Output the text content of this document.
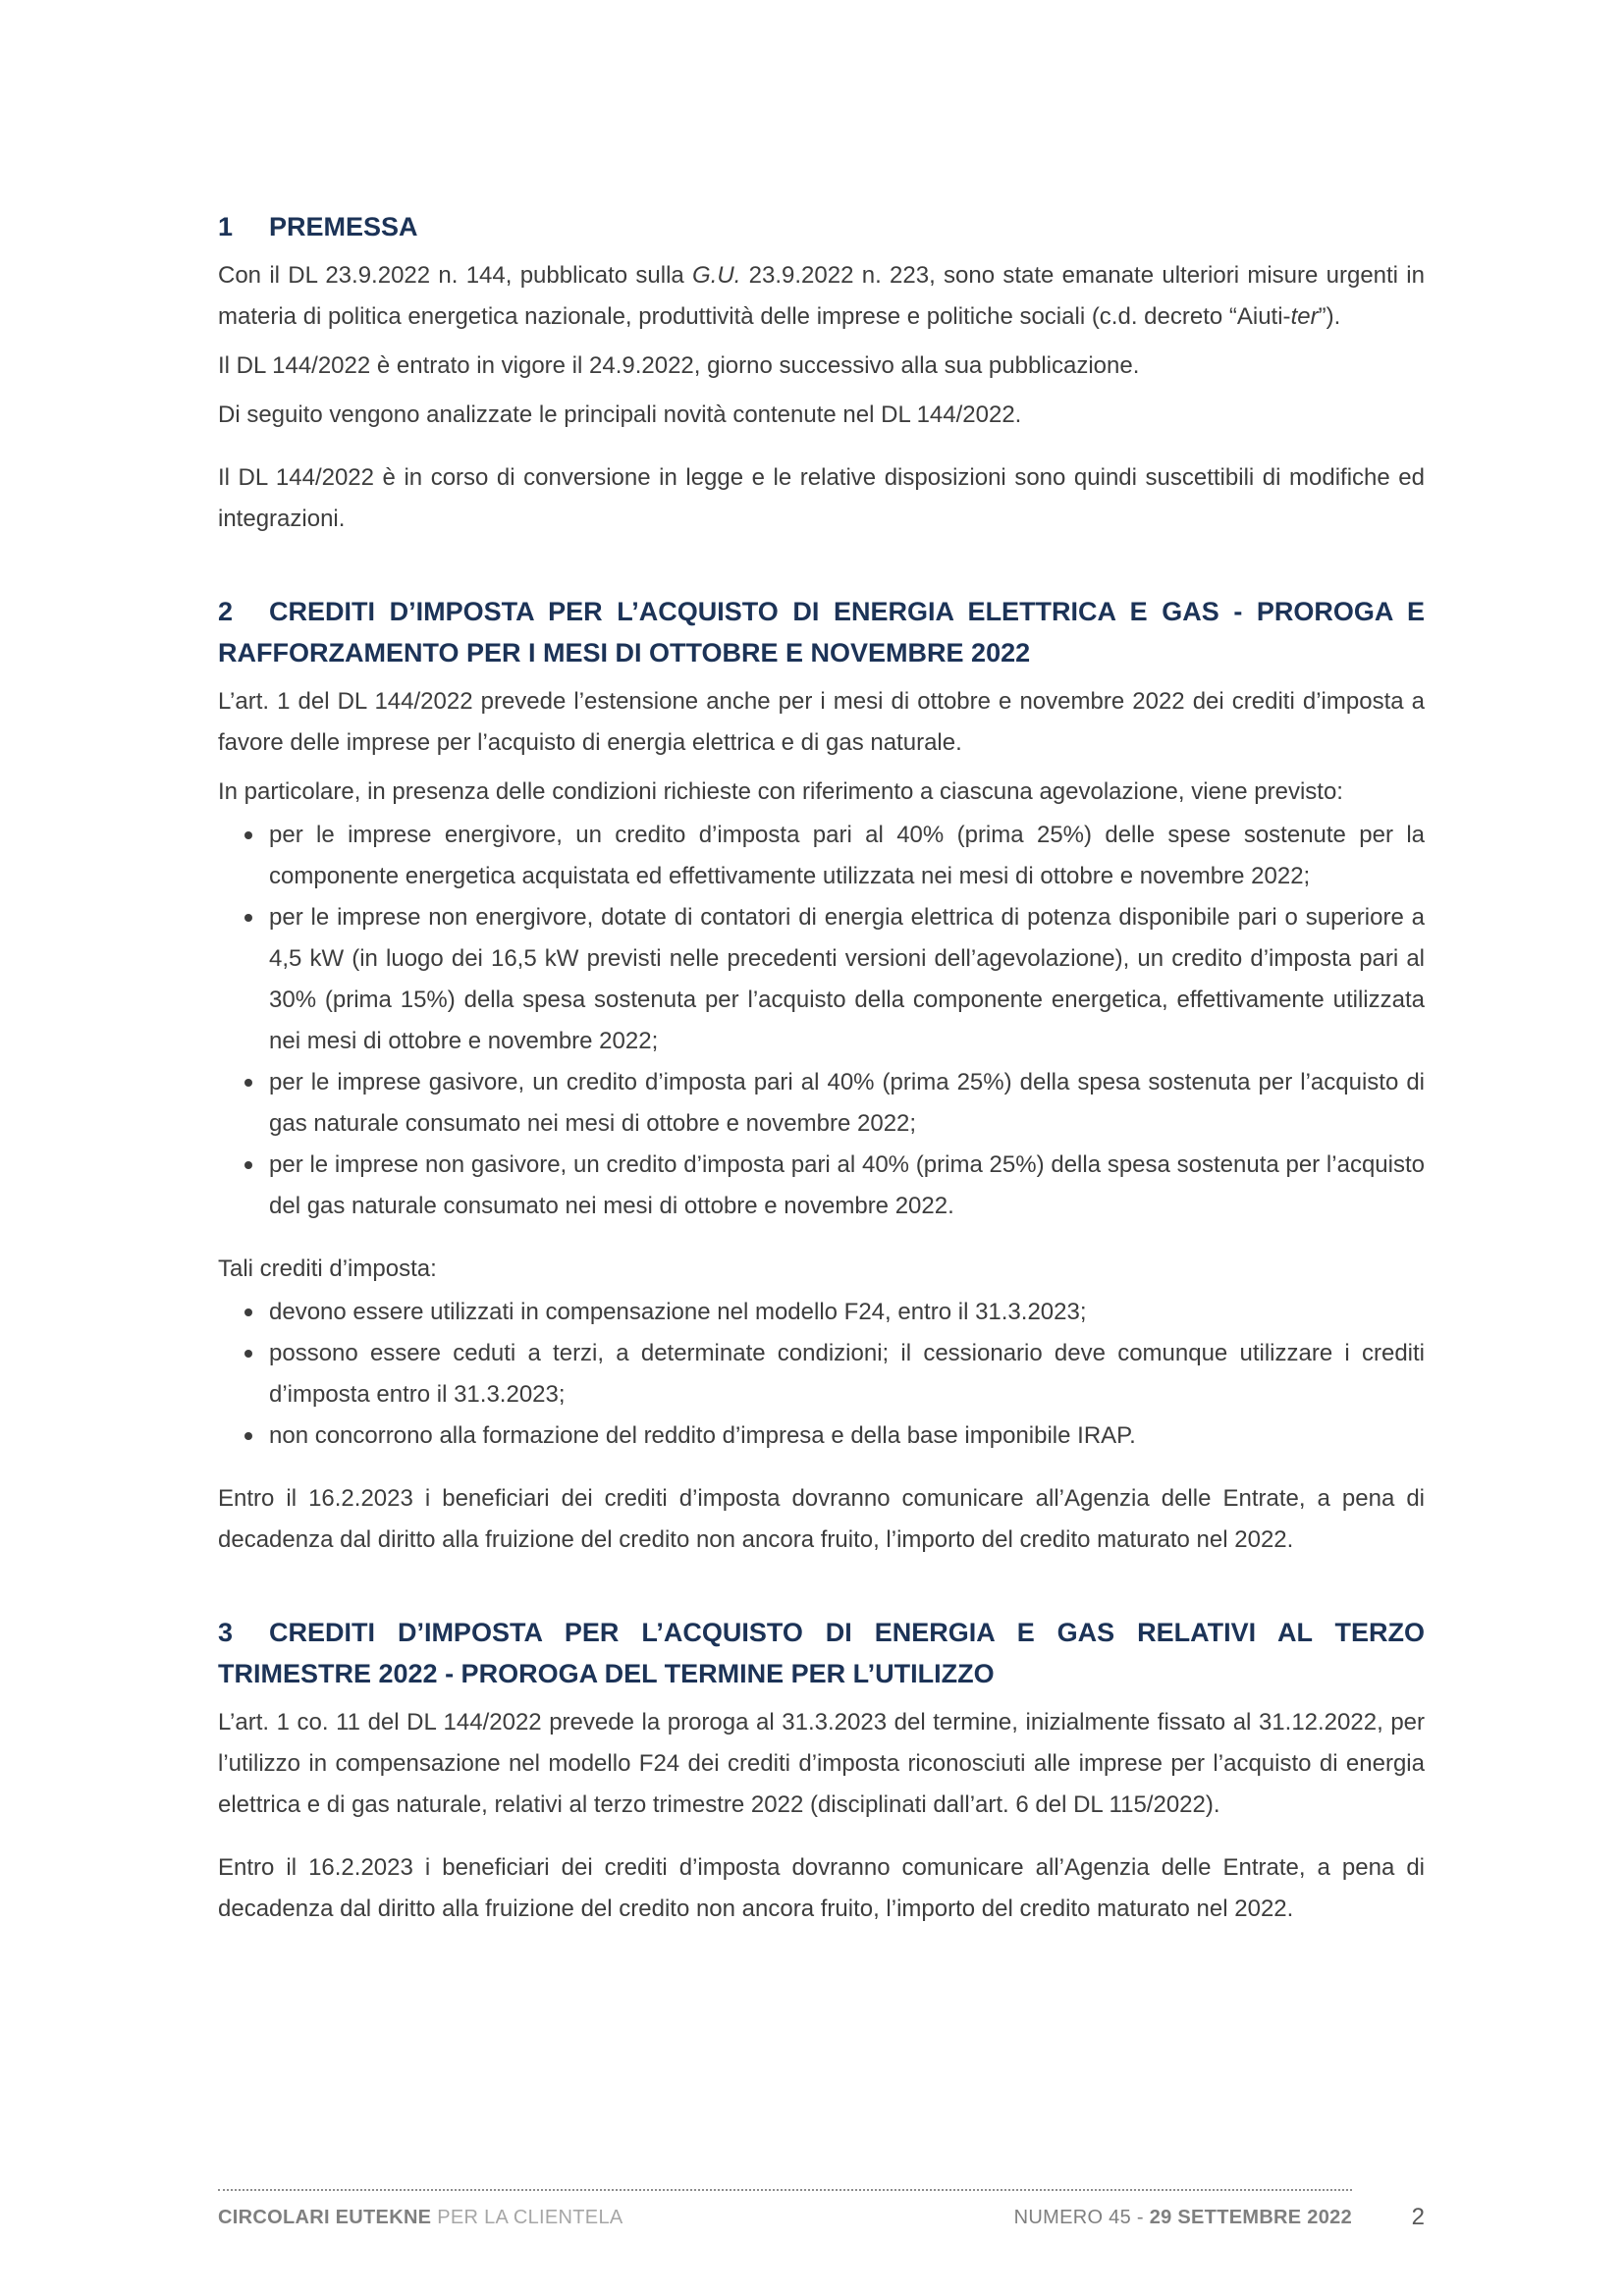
1 PREMESSA

Con il DL 23.9.2022 n. 144, pubblicato sulla G.U. 23.9.2022 n. 223, sono state emanate ulteriori misure urgenti in materia di politica energetica nazionale, produttività delle imprese e politiche sociali (c.d. decreto “Aiuti-ter”).

Il DL 144/2022 è entrato in vigore il 24.9.2022, giorno successivo alla sua pubblicazione.

Di seguito vengono analizzate le principali novità contenute nel DL 144/2022.

Il DL 144/2022 è in corso di conversione in legge e le relative disposizioni sono quindi suscettibili di modifiche ed integrazioni.

2 CREDITI D’IMPOSTA PER L’ACQUISTO DI ENERGIA ELETTRICA E GAS - PROROGA E RAFFORZAMENTO PER I MESI DI OTTOBRE E NOVEMBRE 2022

L’art. 1 del DL 144/2022 prevede l’estensione anche per i mesi di ottobre e novembre 2022 dei crediti d’imposta a favore delle imprese per l’acquisto di energia elettrica e di gas naturale.

In particolare, in presenza delle condizioni richieste con riferimento a ciascuna agevolazione, viene previsto:

per le imprese energivore, un credito d’imposta pari al 40% (prima 25%) delle spese sostenute per la componente energetica acquistata ed effettivamente utilizzata nei mesi di ottobre e novembre 2022;
per le imprese non energivore, dotate di contatori di energia elettrica di potenza disponibile pari o superiore a 4,5 kW (in luogo dei 16,5 kW previsti nelle precedenti versioni dell’agevolazione), un credito d’imposta pari al 30% (prima 15%) della spesa sostenuta per l’acquisto della componente energetica, effettivamente utilizzata nei mesi di ottobre e novembre 2022;
per le imprese gasivore, un credito d’imposta pari al 40% (prima 25%) della spesa sostenuta per l’acquisto di gas naturale consumato nei mesi di ottobre e novembre 2022;
per le imprese non gasivore, un credito d’imposta pari al 40% (prima 25%) della spesa sostenuta per l’acquisto del gas naturale consumato nei mesi di ottobre e novembre 2022.

Tali crediti d’imposta:

devono essere utilizzati in compensazione nel modello F24, entro il 31.3.2023;
possono essere ceduti a terzi, a determinate condizioni; il cessionario deve comunque utilizzare i crediti d’imposta entro il 31.3.2023;
non concorrono alla formazione del reddito d’impresa e della base imponibile IRAP.

Entro il 16.2.2023 i beneficiari dei crediti d’imposta dovranno comunicare all’Agenzia delle Entrate, a pena di decadenza dal diritto alla fruizione del credito non ancora fruito, l’importo del credito maturato nel 2022.

3 CREDITI D’IMPOSTA PER L’ACQUISTO DI ENERGIA E GAS RELATIVI AL TERZO TRIMESTRE 2022 - PROROGA DEL TERMINE PER L’UTILIZZO

L’art. 1 co. 11 del DL 144/2022 prevede la proroga al 31.3.2023 del termine, inizialmente fissato al 31.12.2022, per l’utilizzo in compensazione nel modello F24 dei crediti d’imposta riconosciuti alle imprese per l’acquisto di energia elettrica e di gas naturale, relativi al terzo trimestre 2022 (disciplinati dall’art. 6 del DL 115/2022).

Entro il 16.2.2023 i beneficiari dei crediti d’imposta dovranno comunicare all’Agenzia delle Entrate, a pena di decadenza dal diritto alla fruizione del credito non ancora fruito, l’importo del credito maturato nel 2022.

CIRCOLARI EUTEKNE PER LA CLIENTELA	NUMERO 45 - 29 SETTEMBRE 2022	2
